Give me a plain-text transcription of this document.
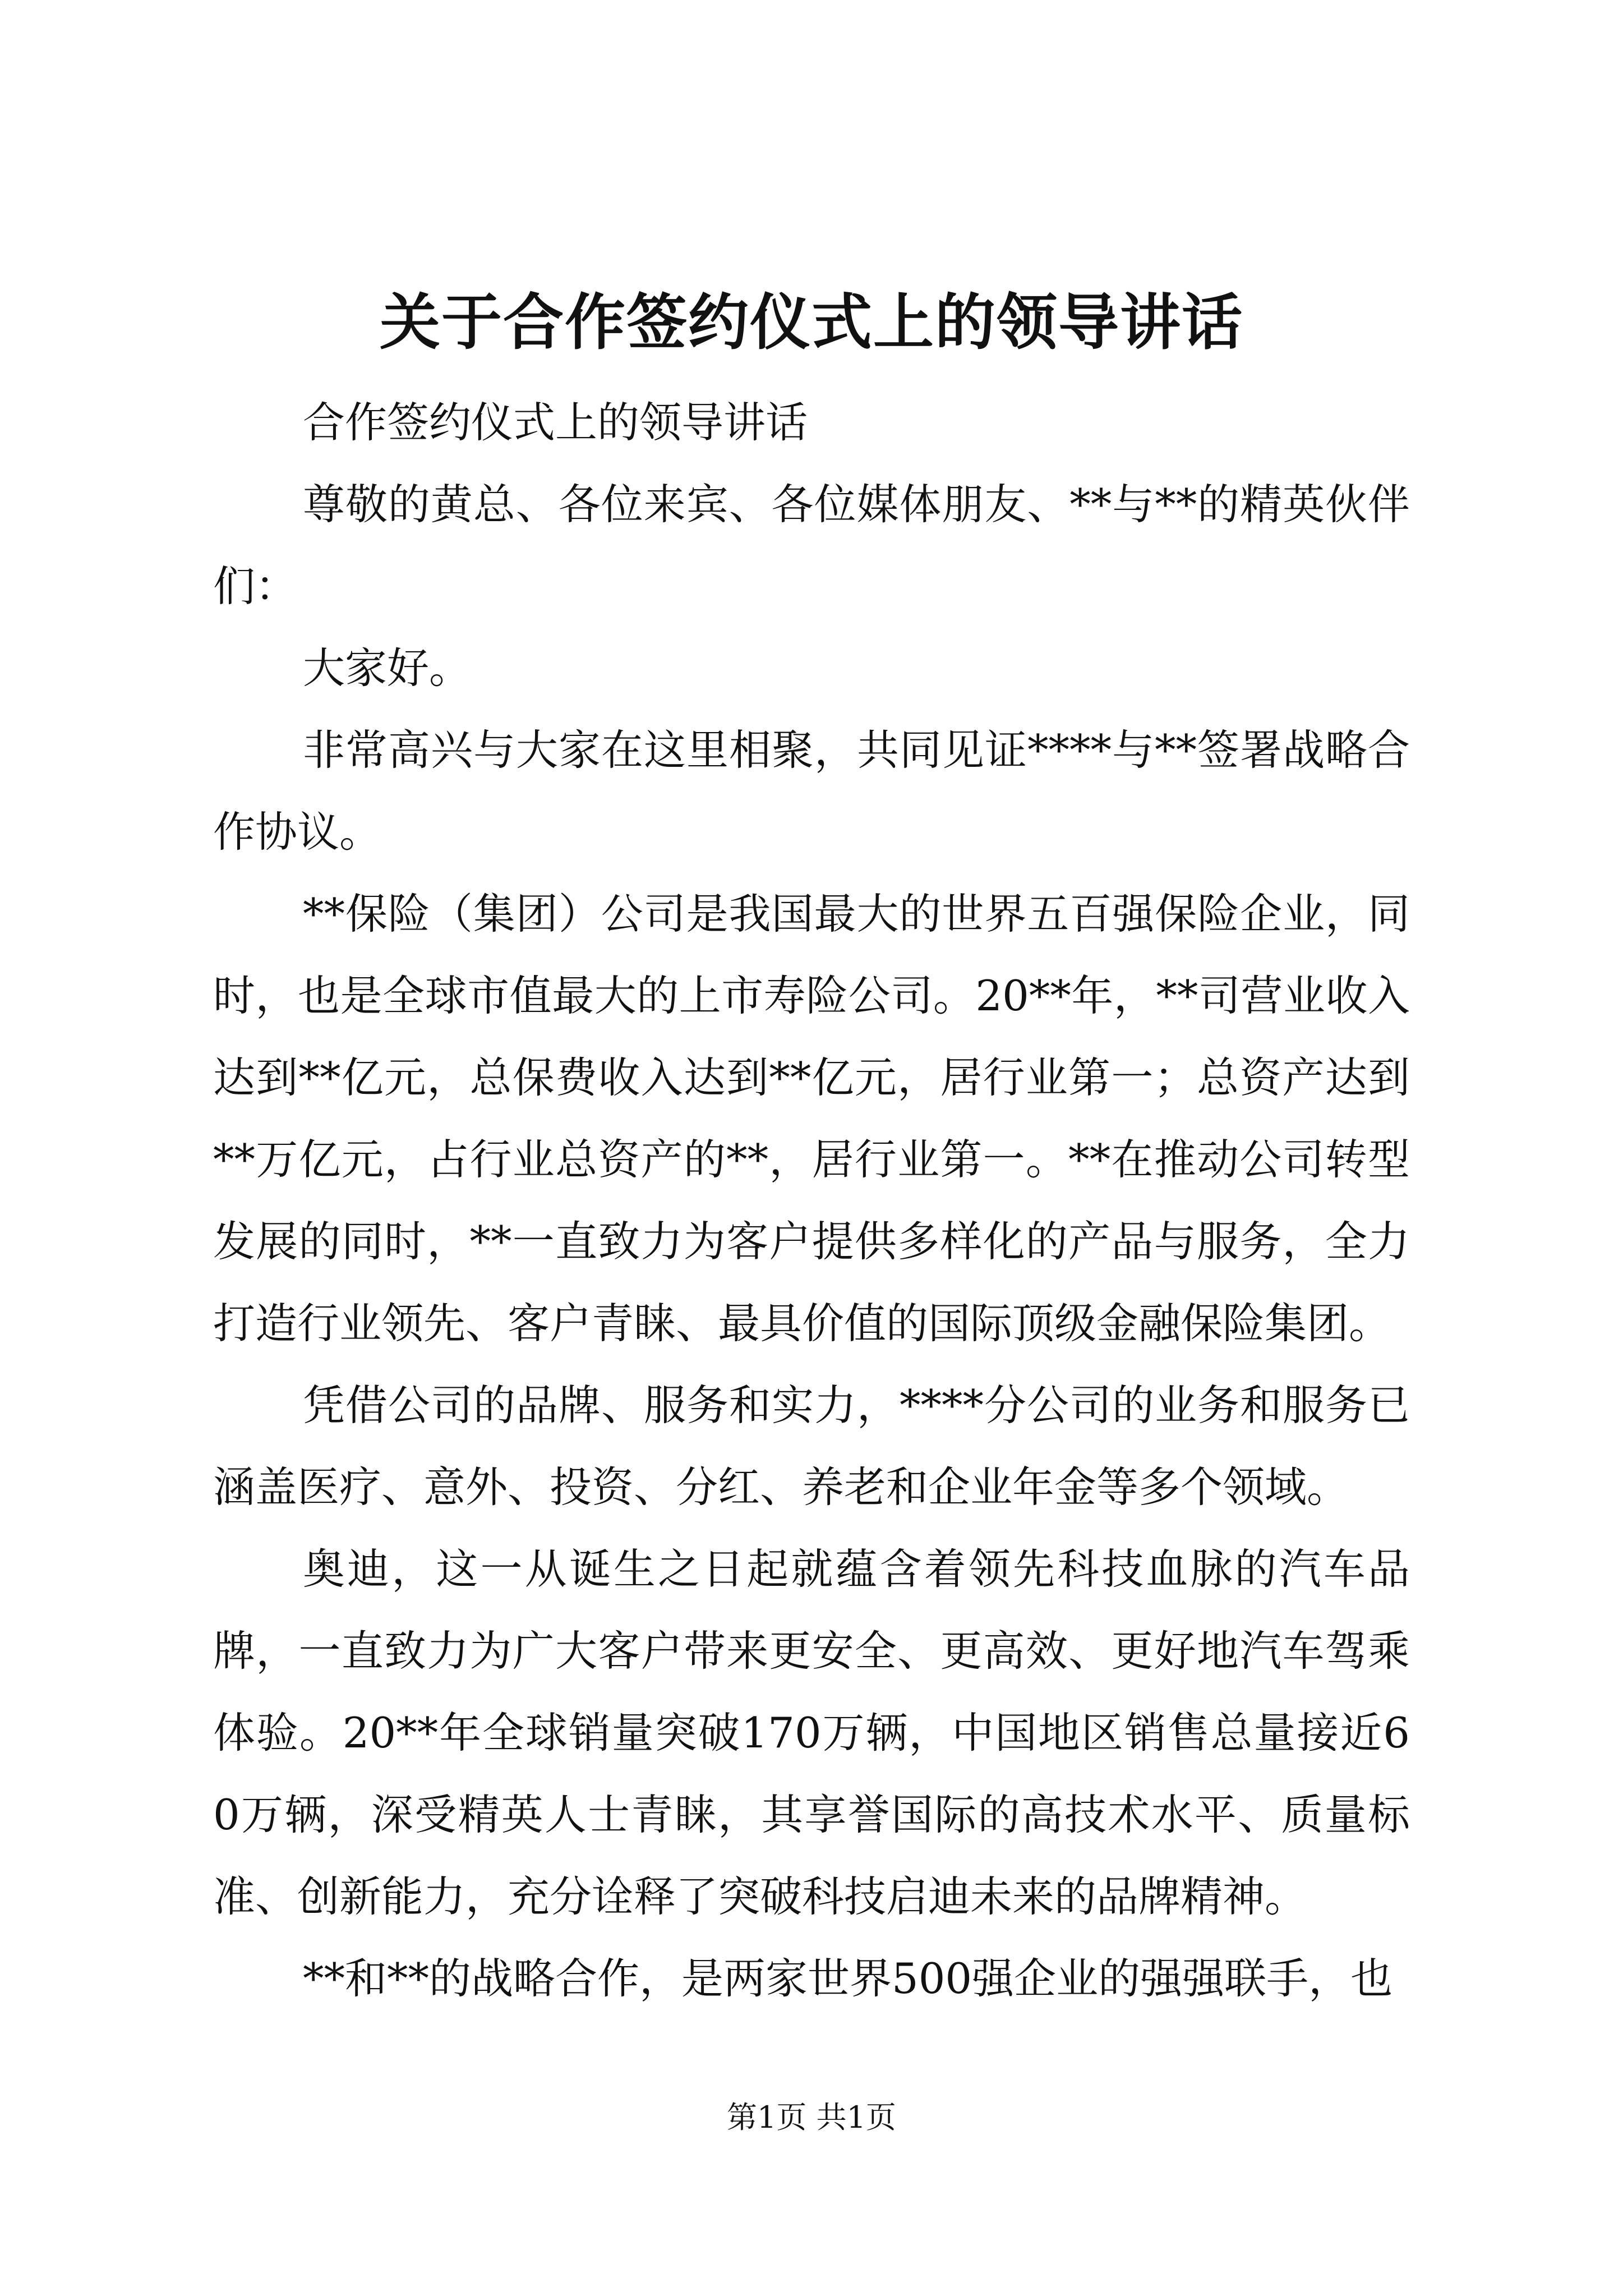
关于合作签约仪式上的领导讲话

合作签约仪式上的领导讲话

尊敬的黄总、各位来宾、各位媒体朋友、**与**的精英伙伴们：

大家好。

非常高兴与大家在这里相聚，共同见证****与**签署战略合作协议。

**保险（集团）公司是我国最大的世界五百强保险企业，同时，也是全球市值最大的上市寿险公司。20**年，**司营业收入达到**亿元，总保费收入达到**亿元，居行业第一；总资产达到**万亿元，占行业总资产的**，居行业第一。**在推动公司转型发展的同时，**一直致力为客户提供多样化的产品与服务，全力打造行业领先、客户青睐、最具价值的国际顶级金融保险集团。

凭借公司的品牌、服务和实力，****分公司的业务和服务已涵盖医疗、意外、投资、分红、养老和企业年金等多个领域。

奥迪，这一从诞生之日起就蕴含着领先科技血脉的汽车品牌，一直致力为广大客户带来更安全、更高效、更好地汽车驾乘体验。20**年全球销量突破170万辆，中国地区销售总量接近60万辆，深受精英人士青睐，其享誉国际的高技术水平、质量标准、创新能力，充分诠释了突破科技启迪未来的品牌精神。

**和**的战略合作，是两家世界500强企业的强强联手，也

第1页 共1页
